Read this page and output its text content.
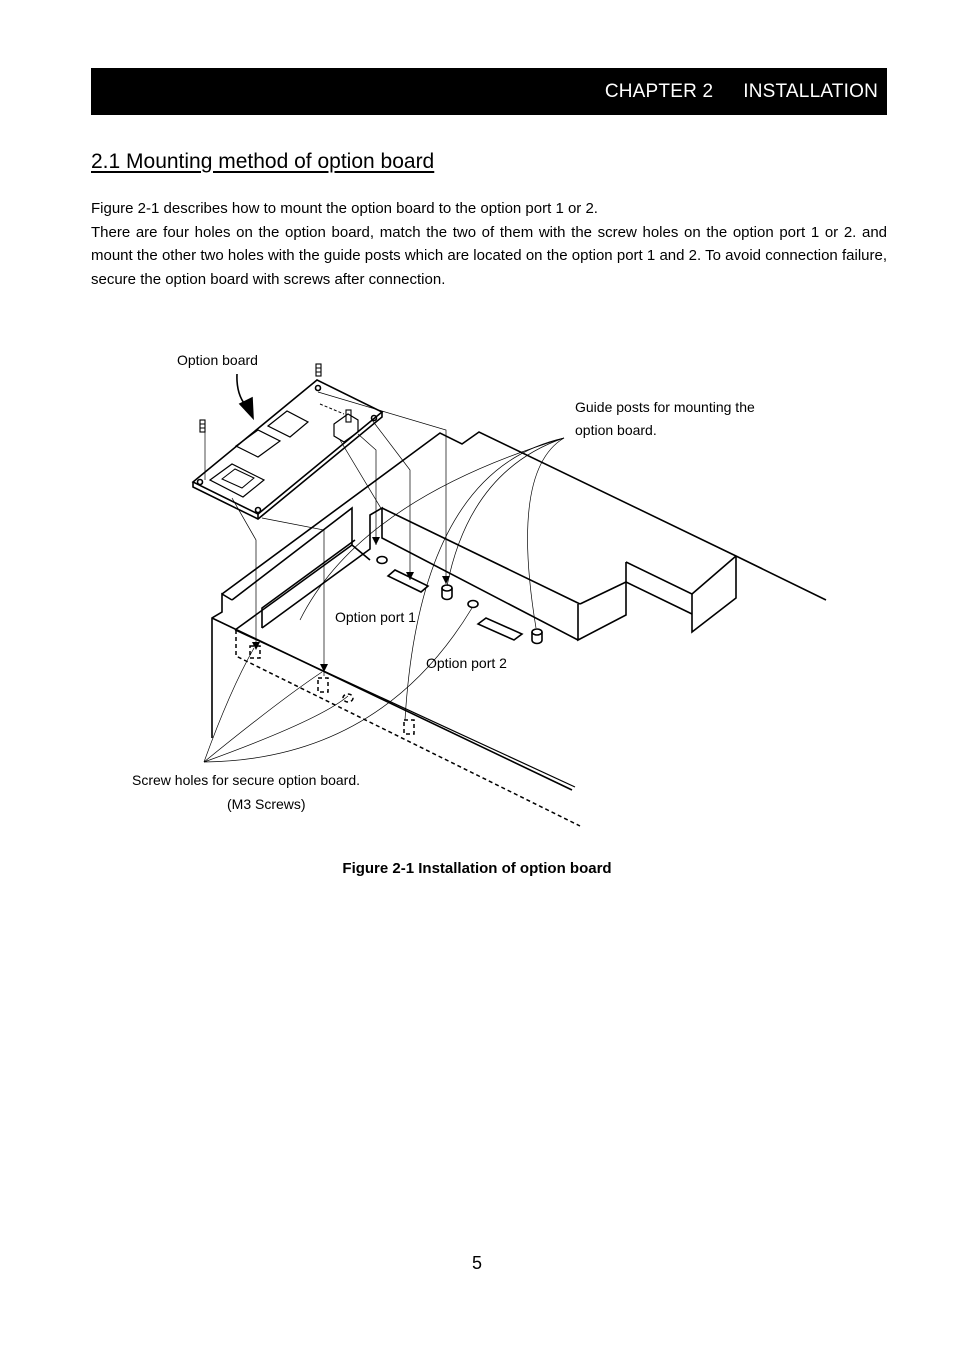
CHAPTER 2 INSTALLATION
2.1 Mounting method of option board

Figure 2-1 describes how to mount the option board to the option port 1 or 2.

There are four holes on the option board, match the two of them with the screw holes on the option port 1 or 2. and mount the other two holes with the guide posts which are located on the option port 1 and 2. To avoid connection failure, secure the option board with screws after connection.

Option board
Guide posts for mounting the
option board.
Option port 1
Option port 2
Screw holes for secure option board.
(M3 Screws)
Figure 2-1 Installation of option board
5
